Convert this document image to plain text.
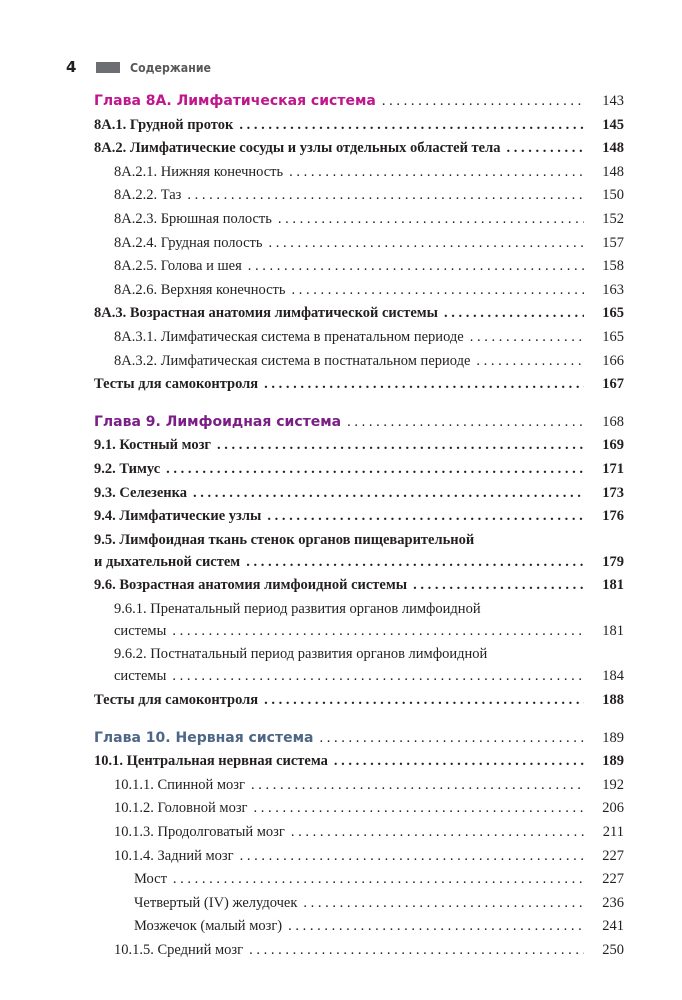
4	Содержание
Глава 8А. Лимфатическая система . . .	143
8А.1. Грудной проток . . .	145
8А.2. Лимфатические сосуды и узлы отдельных областей тела . . .	148
8А.2.1. Нижняя конечность . . .	148
8А.2.2. Таз . . .	150
8А.2.3. Брюшная полость . . .	152
8А.2.4. Грудная полость . . .	157
8А.2.5. Голова и шея . . .	158
8А.2.6. Верхняя конечность . . .	163
8А.3. Возрастная анатомия лимфатической системы . . .	165
8А.3.1. Лимфатическая система в пренатальном периоде . . .	165
8А.3.2. Лимфатическая система в постнатальном периоде . . .	166
Тесты для самоконтроля . . .	167
Глава 9. Лимфоидная система . . .	168
9.1. Костный мозг . . .	169
9.2. Тимус . . .	171
9.3. Селезенка . . .	173
9.4. Лимфатические узлы . . .	176
9.5. Лимфоидная ткань стенок органов пищеварительной
и дыхательной систем . . .	179
9.6. Возрастная анатомия лимфоидной системы . . .	181
9.6.1. Пренатальный период развития органов лимфоидной
системы . . .	181
9.6.2. Постнатальный период развития органов лимфоидной
системы . . .	184
Тесты для самоконтроля . . .	188
Глава 10. Нервная система . . .	189
10.1. Центральная нервная система . . .	189
10.1.1. Спинной мозг . . .	192
10.1.2. Головной мозг . . .	206
10.1.3. Продолговатый мозг . . .	211
10.1.4. Задний мозг . . .	227
Мост . . .	227
Четвертый (IV) желудочек . . .	236
Мозжечок (малый мозг) . . .	241
10.1.5. Средний мозг . . .	250
